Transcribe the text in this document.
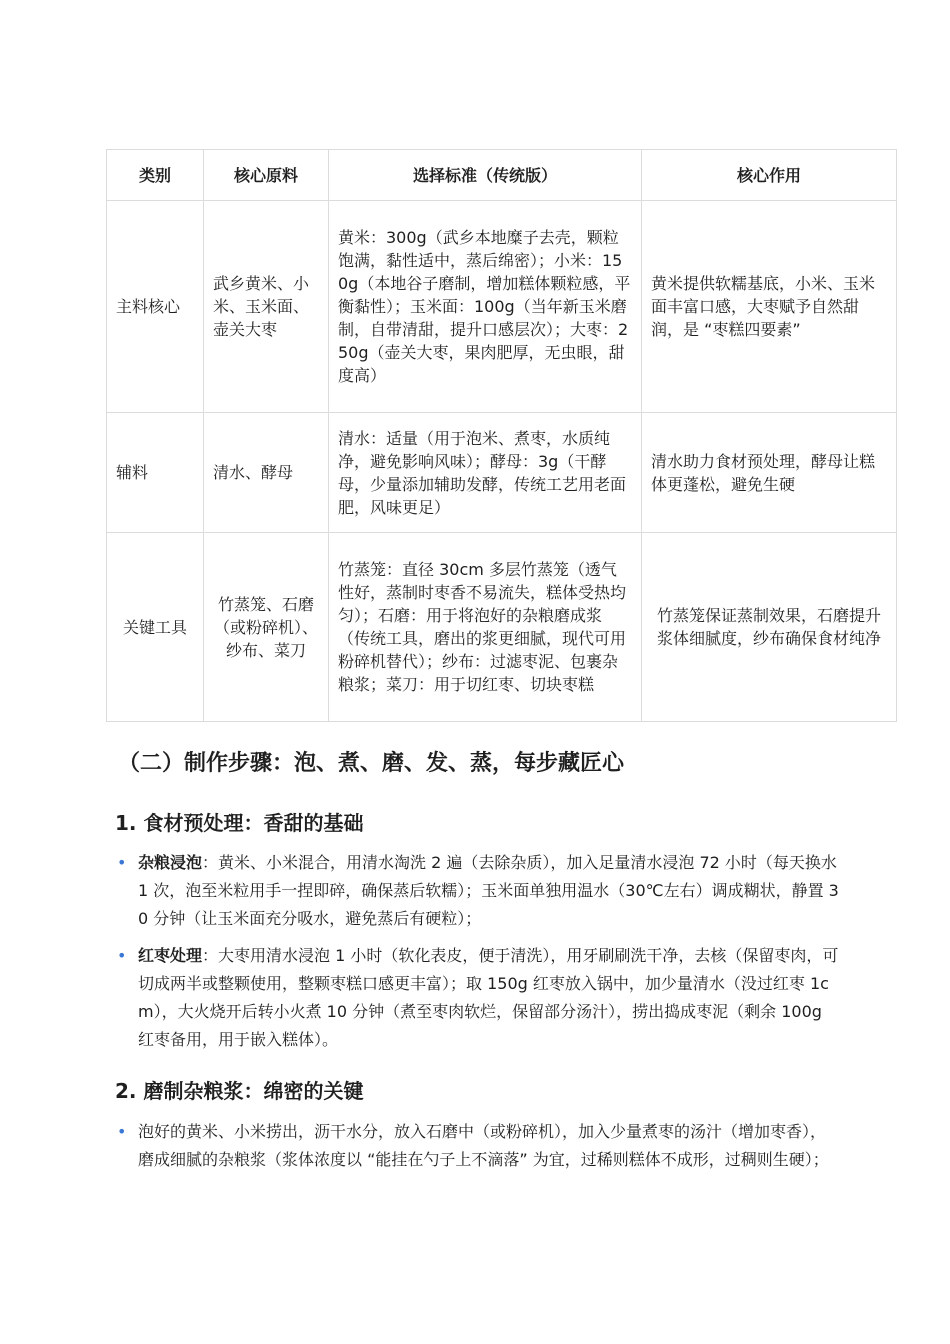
类别	核心原料	选择标准（传统版）	核心作用
主料核心	武乡黄米、小米、玉米面、壶关大枣	黄米：300g（武乡本地糜子去壳，颗粒饱满，黏性适中，蒸后绵密）；小米：150g（本地谷子磨制，增加糕体颗粒感，平衡黏性）；玉米面：100g（当年新玉米磨制，自带清甜，提升口感层次）；大枣：250g（壶关大枣，果肉肥厚，无虫眼，甜度高）	黄米提供软糯基底，小米、玉米面丰富口感，大枣赋予自然甜润，是 “枣糕四要素”
辅料	清水、酵母	清水：适量（用于泡米、煮枣，水质纯净，避免影响风味）；酵母：3g（干酵母，少量添加辅助发酵，传统工艺用老面肥，风味更足）	清水助力食材预处理，酵母让糕体更蓬松，避免生硬
关键工具	竹蒸笼、石磨（或粉碎机）、纱布、菜刀	竹蒸笼：直径 30cm 多层竹蒸笼（透气性好，蒸制时枣香不易流失，糕体受热均匀）；石磨：用于将泡好的杂粮磨成浆（传统工具，磨出的浆更细腻，现代可用粉碎机替代）；纱布：过滤枣泥、包裹杂粮浆；菜刀：用于切红枣、切块枣糕	竹蒸笼保证蒸制效果，石磨提升浆体细腻度，纱布确保食材纯净
（二）制作步骤：泡、煮、磨、发、蒸，每步藏匠心
1. 食材预处理：香甜的基础
• 杂粮浸泡：黄米、小米混合，用清水淘洗 2 遍（去除杂质），加入足量清水浸泡 72 小时（每天换水 1 次，泡至米粒用手一捏即碎，确保蒸后软糯）；玉米面单独用温水（30℃左右）调成糊状，静置 30 分钟（让玉米面充分吸水，避免蒸后有硬粒）；
• 红枣处理：大枣用清水浸泡 1 小时（软化表皮，便于清洗），用牙刷刷洗干净，去核（保留枣肉，可切成两半或整颗使用，整颗枣糕口感更丰富）；取 150g 红枣放入锅中，加少量清水（没过红枣 1cm），大火烧开后转小火煮 10 分钟（煮至枣肉软烂，保留部分汤汁），捞出捣成枣泥（剩余 100g 红枣备用，用于嵌入糕体）。
2. 磨制杂粮浆：绵密的关键
• 泡好的黄米、小米捞出，沥干水分，放入石磨中（或粉碎机），加入少量煮枣的汤汁（增加枣香），磨成细腻的杂粮浆（浆体浓度以 “能挂在勺子上不滴落” 为宜，过稀则糕体不成形，过稠则生硬）；
